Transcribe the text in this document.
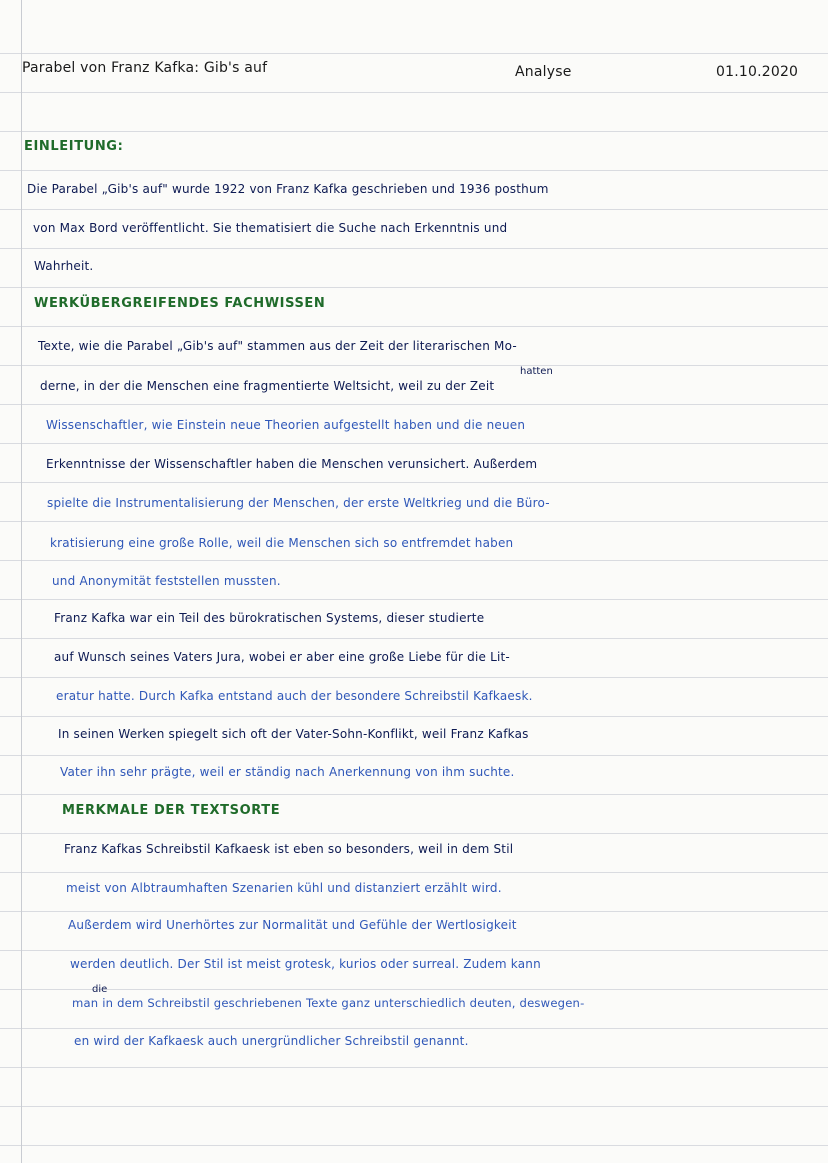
Parabel von Franz Kafka: Gib's auf	Analyse	01.10.2020
EINLEITUNG:
Die Parabel „Gib's auf" wurde 1922 von Franz Kafka geschrieben und 1936 posthum
von Max Bord veröffentlicht. Sie thematisiert die Suche nach Erkenntnis und
Wahrheit.
WERKÜBERGREIFENDES FACHWISSEN
Texte, wie die Parabel „Gib's auf" stammen aus der Zeit der literarischen Mo-
hatten
derne, in der die Menschen eine fragmentierte Weltsicht, weil zu der Zeit
Wissenschaftler, wie Einstein neue Theorien aufgestellt haben und die neuen
Erkenntnisse der Wissenschaftler haben die Menschen verunsichert. Außerdem
spielte die Instrumentalisierung der Menschen, der erste Weltkrieg und die Büro-
kratisierung eine große Rolle, weil die Menschen sich so entfremdet haben
und Anonymität feststellen mussten.
Franz Kafka war ein Teil des bürokratischen Systems, dieser studierte
auf Wunsch seines Vaters Jura, wobei er aber eine große Liebe für die Lit-
eratur hatte. Durch Kafka entstand auch der besondere Schreibstil Kafkaesk.
In seinen Werken spiegelt sich oft der Vater-Sohn-Konflikt, weil Franz Kafkas
Vater ihn sehr prägte, weil er ständig nach Anerkennung von ihm suchte.
MERKMALE DER TEXTSORTE
Franz Kafkas Schreibstil Kafkaesk ist eben so besonders, weil in dem Stil
meist von Albtraumhaften Szenarien kühl und distanziert erzählt wird.
Außerdem wird Unerhörtes zur Normalität und Gefühle der Wertlosigkeit
werden deutlich. Der Stil ist meist grotesk, kurios oder surreal. Zudem kann
die
man in dem Schreibstil geschriebenen Texte ganz unterschiedlich deuten, deswegen-
en wird der Kafkaesk auch unergründlicher Schreibstil genannt.
